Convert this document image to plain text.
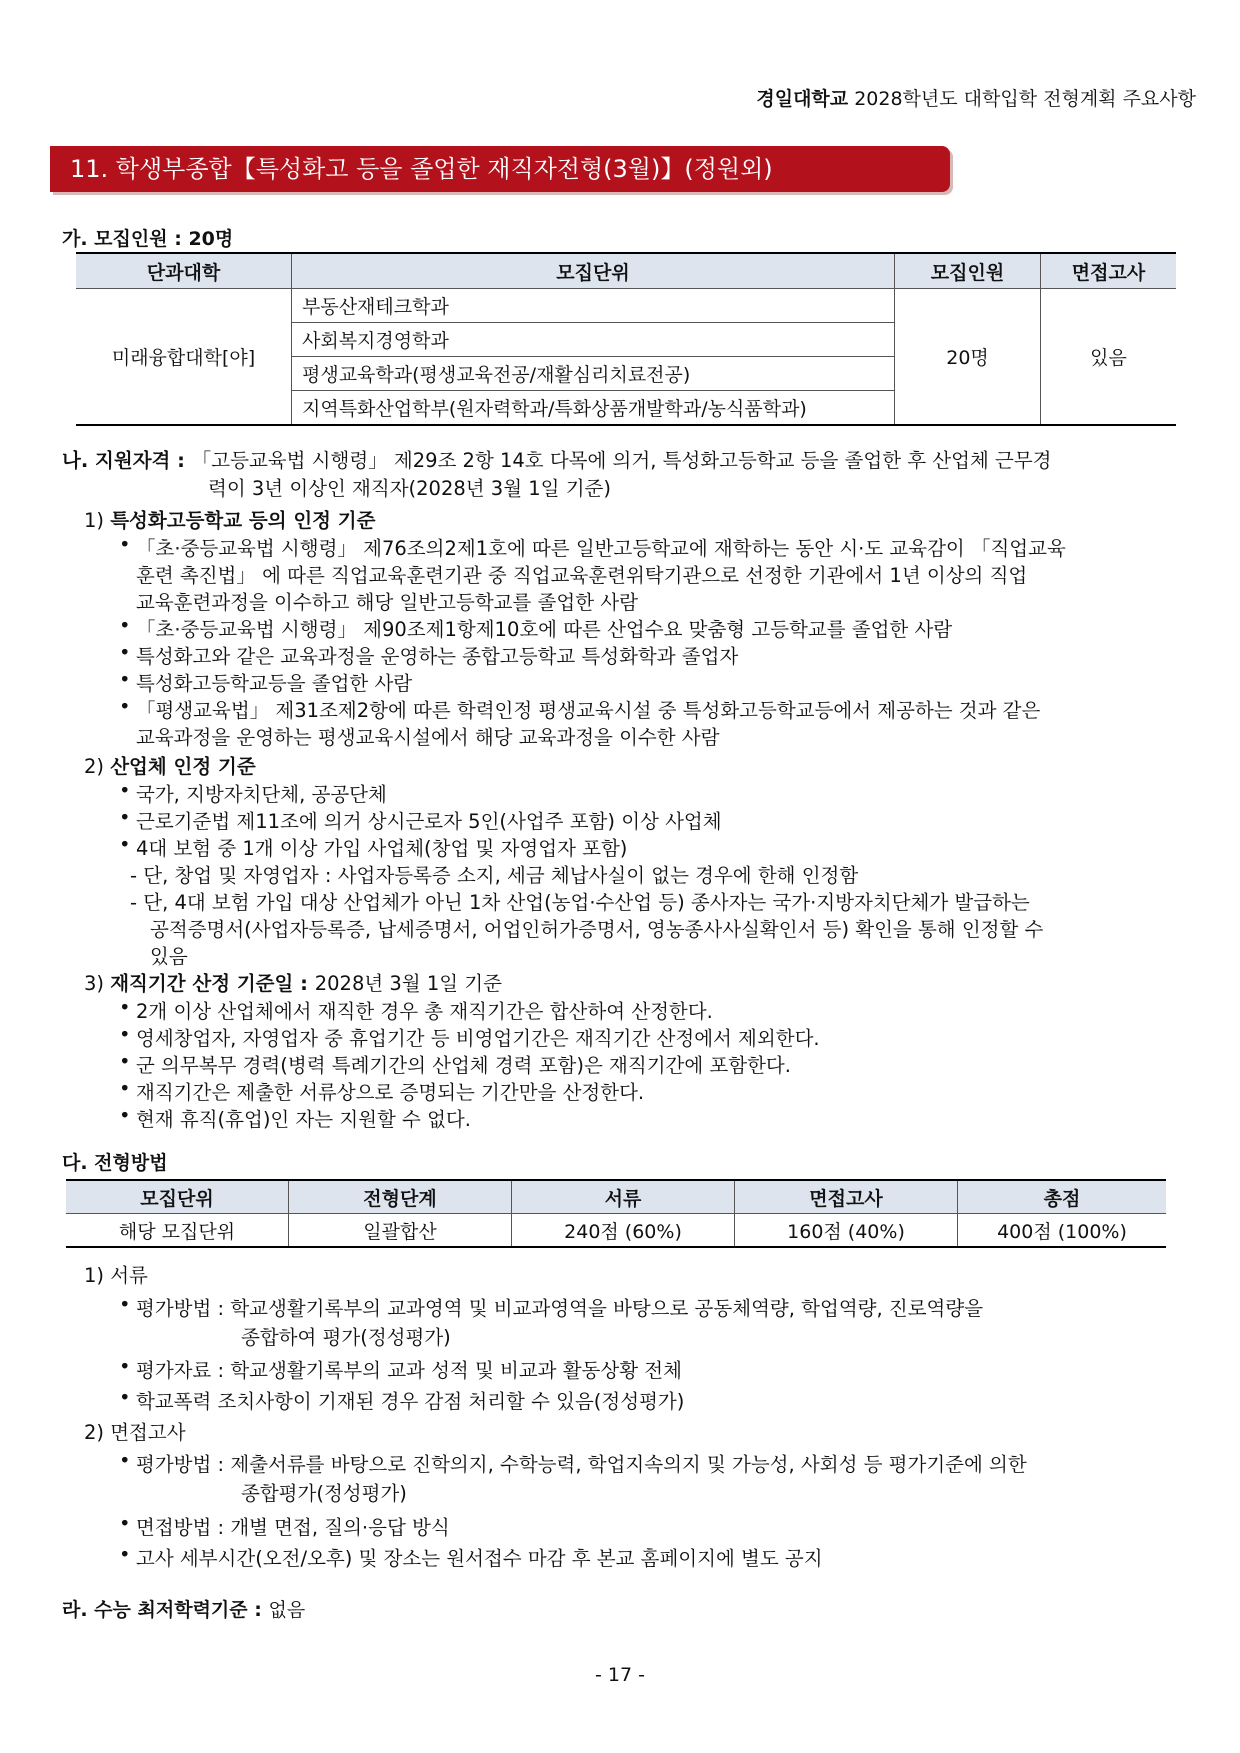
경일대학교 2028학년도 대학입학 전형계획 주요사항
11. 학생부종합【특성화고 등을 졸업한 재직자전형(3월)】(정원외)
가. 모집인원 : 20명
단과대학	모집단위	모집인원	면접고사
미래융합대학[야]	부동산재테크학과	20명	있음
	사회복지경영학과		
	평생교육학과(평생교육전공/재활심리치료전공)		
	지역특화산업학부(원자력학과/특화상품개발학과/농식품학과)		
나. 지원자격 : 「고등교육법 시행령」 제29조 2항 14호 다목에 의거, 특성화고등학교 등을 졸업한 후 산업체 근무경
력이 3년 이상인 재직자(2028년 3월 1일 기준)
1) 특성화고등학교 등의 인정 기준
• 「초·중등교육법 시행령」 제76조의2제1호에 따른 일반고등학교에 재학하는 동안 시·도 교육감이 「직업교육
훈련 촉진법」 에 따른 직업교육훈련기관 중 직업교육훈련위탁기관으로 선정한 기관에서 1년 이상의 직업
교육훈련과정을 이수하고 해당 일반고등학교를 졸업한 사람
• 「초·중등교육법 시행령」 제90조제1항제10호에 따른 산업수요 맞춤형 고등학교를 졸업한 사람
• 특성화고와 같은 교육과정을 운영하는 종합고등학교 특성화학과 졸업자
• 특성화고등학교등을 졸업한 사람
• 「평생교육법」 제31조제2항에 따른 학력인정 평생교육시설 중 특성화고등학교등에서 제공하는 것과 같은
교육과정을 운영하는 평생교육시설에서 해당 교육과정을 이수한 사람
2) 산업체 인정 기준
• 국가, 지방자치단체, 공공단체
• 근로기준법 제11조에 의거 상시근로자 5인(사업주 포함) 이상 사업체
• 4대 보험 중 1개 이상 가입 사업체(창업 및 자영업자 포함)
- 단, 창업 및 자영업자 : 사업자등록증 소지, 세금 체납사실이 없는 경우에 한해 인정함
- 단, 4대 보험 가입 대상 산업체가 아닌 1차 산업(농업·수산업 등) 종사자는 국가·지방자치단체가 발급하는
공적증명서(사업자등록증, 납세증명서, 어업인허가증명서, 영농종사사실확인서 등) 확인을 통해 인정할 수
있음
3) 재직기간 산정 기준일 : 2028년 3월 1일 기준
• 2개 이상 산업체에서 재직한 경우 총 재직기간은 합산하여 산정한다.
• 영세창업자, 자영업자 중 휴업기간 등 비영업기간은 재직기간 산정에서 제외한다.
• 군 의무복무 경력(병력 특례기간의 산업체 경력 포함)은 재직기간에 포함한다.
• 재직기간은 제출한 서류상으로 증명되는 기간만을 산정한다.
• 현재 휴직(휴업)인 자는 지원할 수 없다.
다. 전형방법
모집단위	전형단계	서류	면접고사	총점
해당 모집단위	일괄합산	240점 (60%)	160점 (40%)	400점 (100%)
1) 서류
• 평가방법 : 학교생활기록부의 교과영역 및 비교과영역을 바탕으로 공동체역량, 학업역량, 진로역량을
종합하여 평가(정성평가)
• 평가자료 : 학교생활기록부의 교과 성적 및 비교과 활동상황 전체
• 학교폭력 조치사항이 기재된 경우 감점 처리할 수 있음(정성평가)
2) 면접고사
• 평가방법 : 제출서류를 바탕으로 진학의지, 수학능력, 학업지속의지 및 가능성, 사회성 등 평가기준에 의한
종합평가(정성평가)
• 면접방법 : 개별 면접, 질의·응답 방식
• 고사 세부시간(오전/오후) 및 장소는 원서접수 마감 후 본교 홈페이지에 별도 공지
라. 수능 최저학력기준 : 없음
- 17 -
